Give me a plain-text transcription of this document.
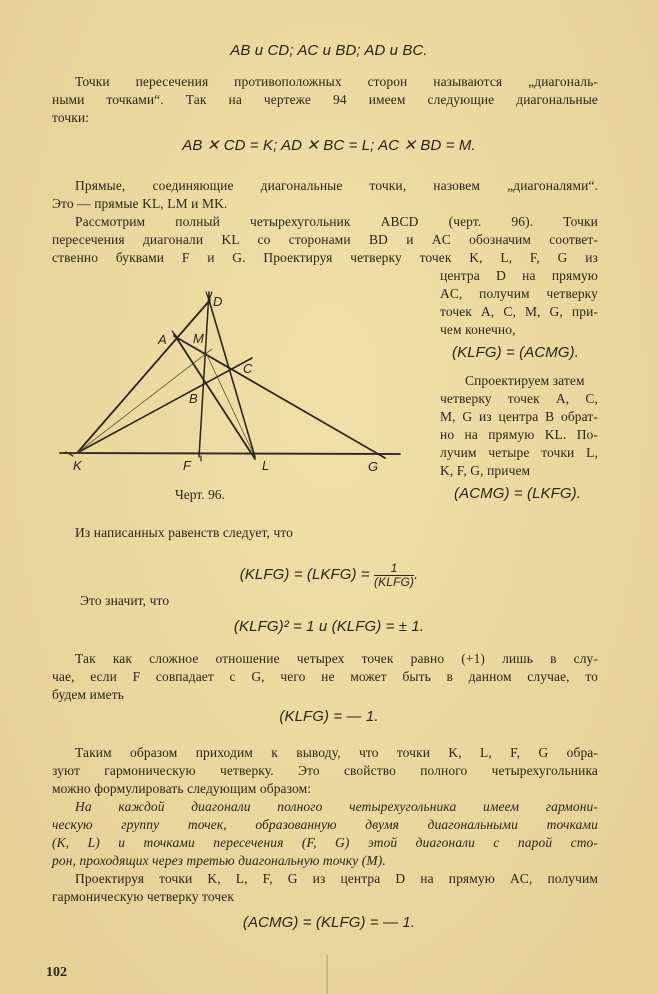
AB и CD; AC и BD; AD и BC.
Точки пересечения противоположных сторон называются „диагональ-
ными точками“. Так на чертеже 94 имеем следующие диагональные
точки:
AB ✕ CD = K; AD ✕ BC = L; AC ✕ BD = M.
Прямые, соединяющие диагональные точки, назовем „диагоналями“.
Это — прямые KL, LM и MK.
Рассмотрим полный четырехугольник ABCD (черт. 96). Точки
пересечения диагонали KL со сторонами BD и AC обозначим соответ-
ственно буквами F и G. Проектируя четверку точек K, L, F, G из
центра D на прямую
AC, получим четверку
точек A, C, M, G, при-
чем конечно,
(KLFG) = (ACMG).
Спроектируем затем
четверку точек A, C,
M, G из центра B обрат-
но на прямую KL. По-
лучим четыре точки L,
K, F, G, причем
(ACMG) = (LKFG).
D
A M
C
B
K	F	L	G
Черт. 96.
Из написанных равенств следует, что
(KLFG) = (LKFG) = $\frac{1}{\text{(KLFG)}}$ .
Это значит, что
(KLFG)² = 1 и (KLFG) = ± 1.
Так как сложное отношение четырех точек равно (+1) лишь в слу-
чае, если F совпадает с G, чего не может быть в данном случае, то
будем иметь
(KLFG) = — 1.
Таким образом приходим к выводу, что точки K, L, F, G обра-
зуют гармоническую четверку. Это свойство полного четырехугольника
можно формулировать следующим образом:
На каждой диагонали полного четырехугольника имеем гармони-
ческую группу точек, образованную двумя диагональными точками
(K, L) и точками пересечения (F, G) этой диагонали с парой сто-
рон, проходящих через третью диагональную точку (M).
Проектируя точки K, L, F, G из центра D на прямую AC, получим
гармоническую четверку точек
(ACMG) = (KLFG) = — 1.
102
